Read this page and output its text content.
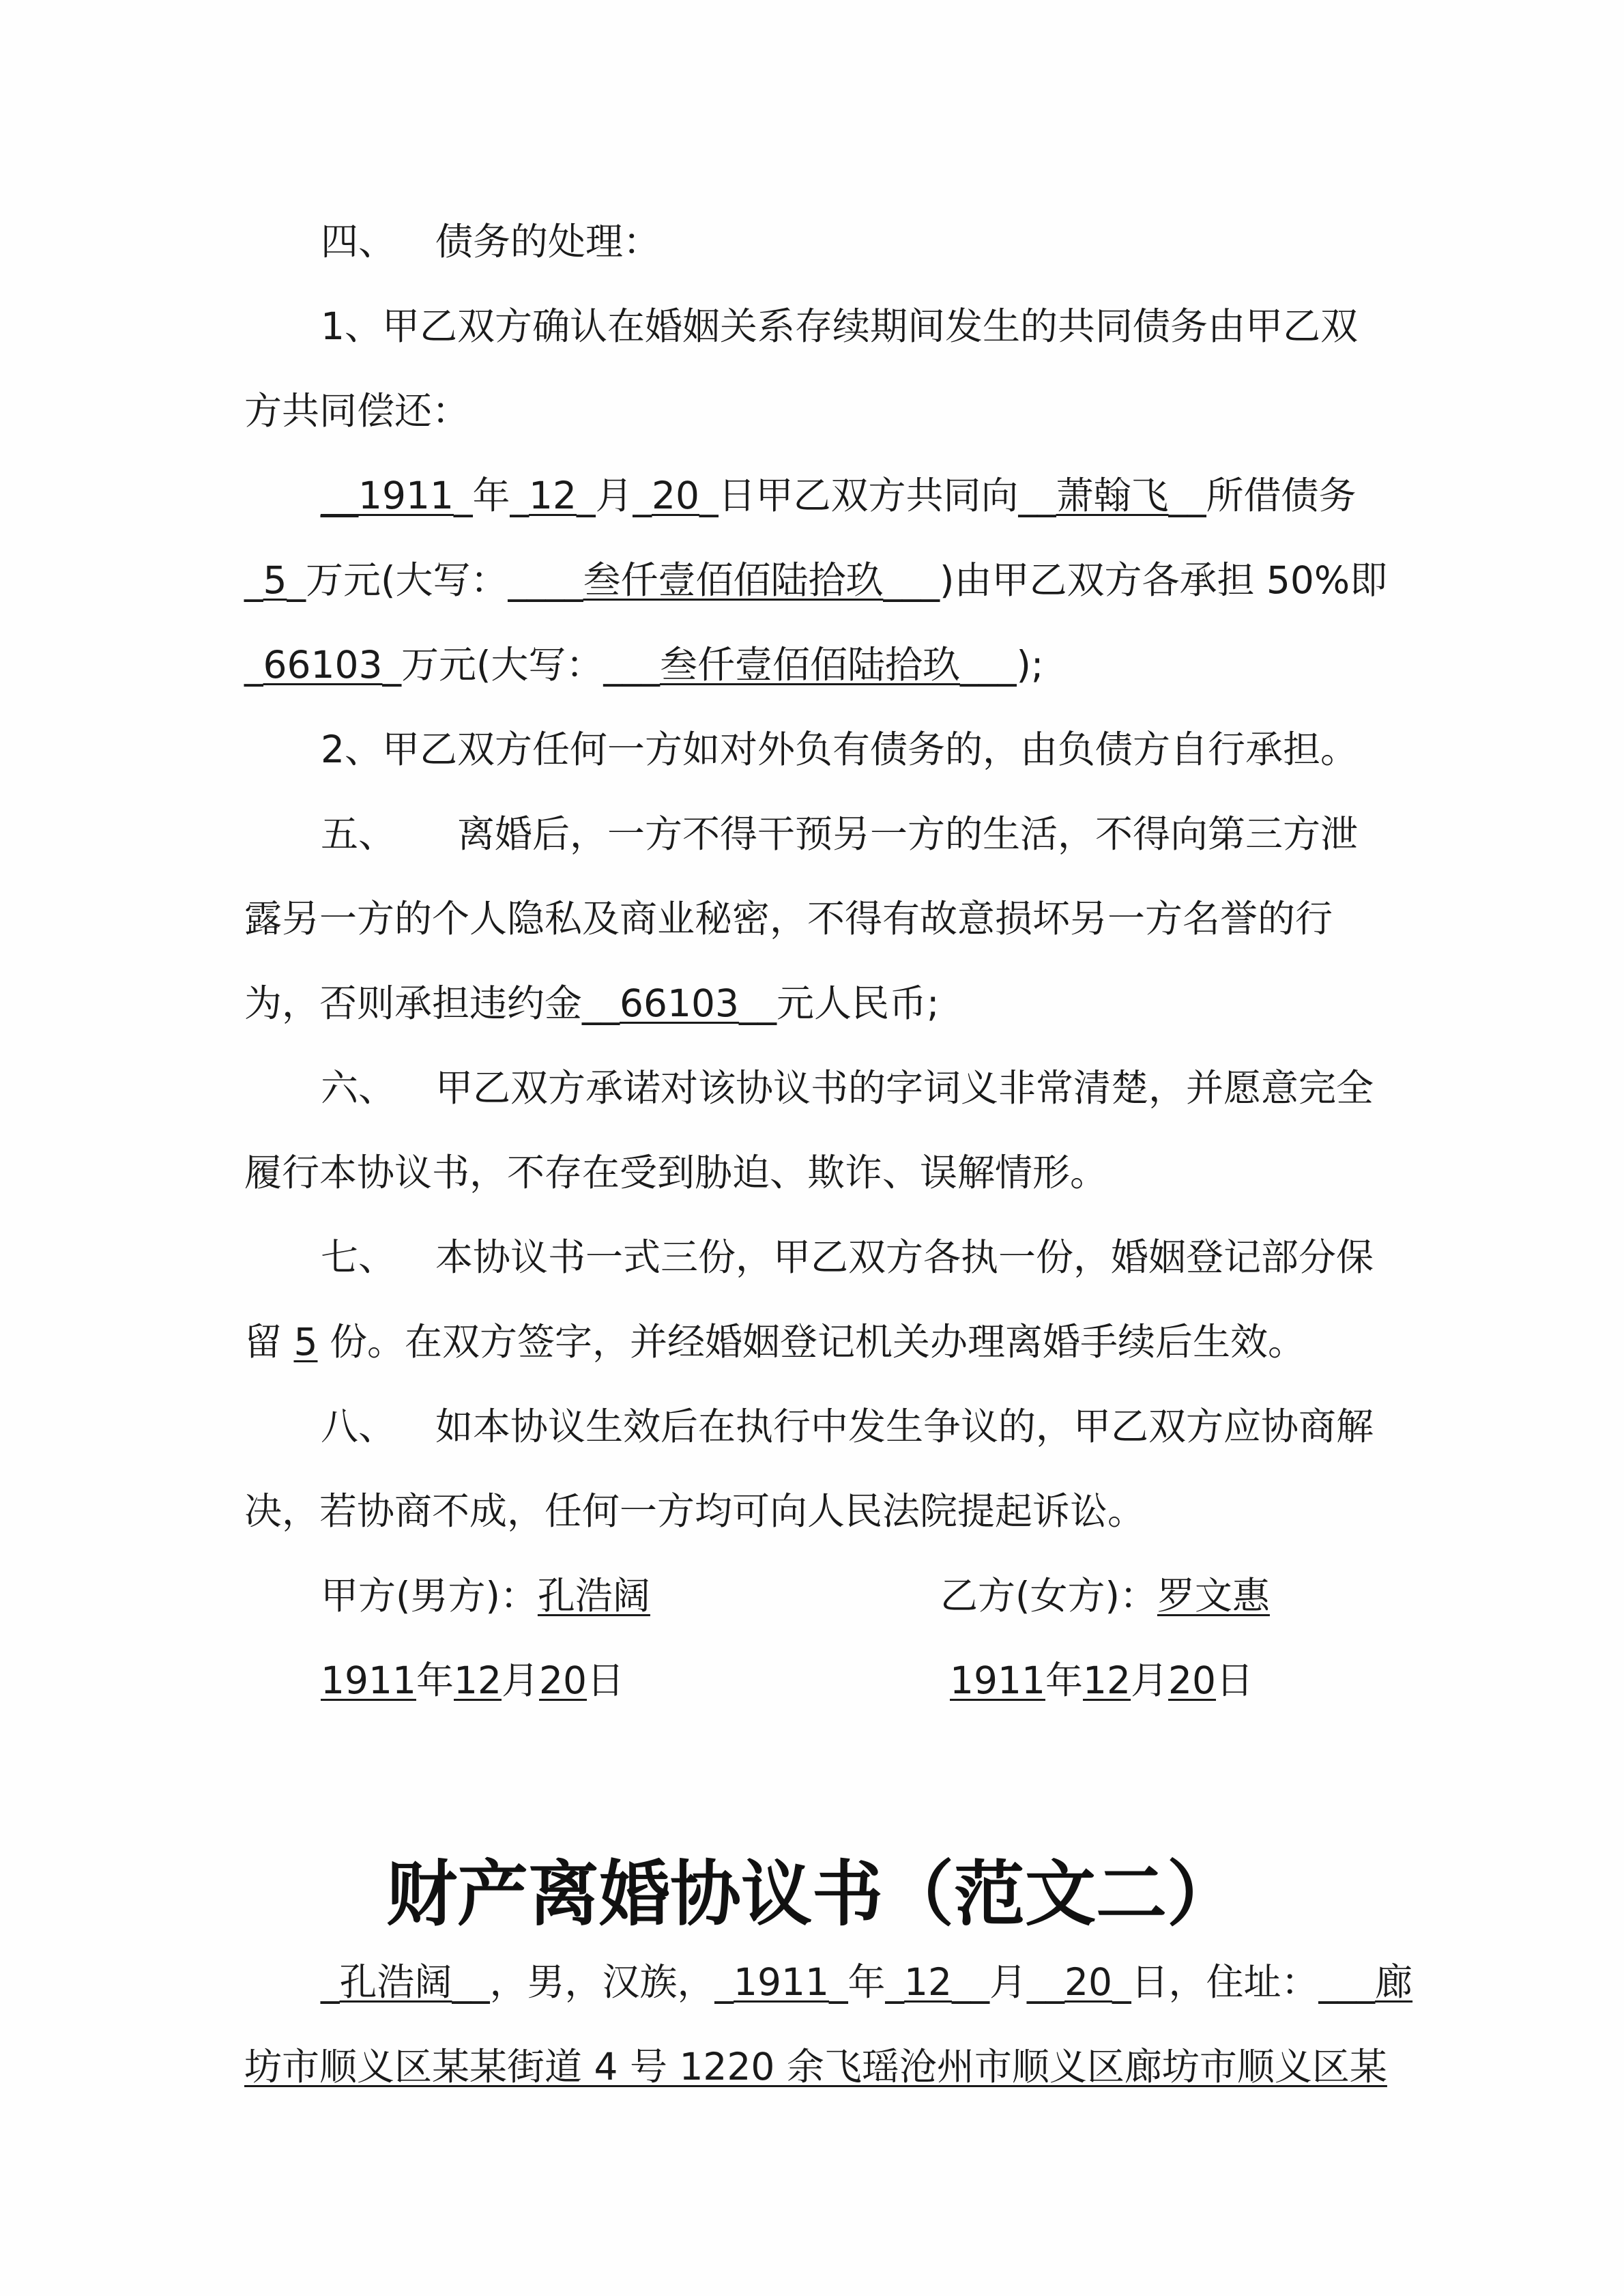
四、 债务的处理：
1、甲乙双方确认在婚姻关系存续期间发生的共同债务由甲乙双
方共同偿还：
__1911_年_12_月_20_日甲乙双方共同向__萧翰飞__所借债务
_5_万元(大写：____叁仟壹佰佰陆拾玖___)由甲乙双方各承担 50%即
_66103_万元(大写：___叁仟壹佰佰陆拾玖___);
2、甲乙双方任何一方如对外负有债务的，由负债方自行承担。
五、 离婚后，一方不得干预另一方的生活，不得向第三方泄
露另一方的个人隐私及商业秘密，不得有故意损坏另一方名誉的行
为，否则承担违约金__66103__元人民币;
六、 甲乙双方承诺对该协议书的字词义非常清楚，并愿意完全
履行本协议书，不存在受到胁迫、欺诈、误解情形。
七、 本协议书一式三份，甲乙双方各执一份，婚姻登记部分保
留 5 份。在双方签字，并经婚姻登记机关办理离婚手续后生效。
八、 如本协议生效后在执行中发生争议的，甲乙双方应协商解
决，若协商不成，任何一方均可向人民法院提起诉讼。
甲方(男方)：孔浩阔	乙方(女方)：罗文惠
1911年12月20日	1911年12月20日
财产离婚协议书（范文二）
_孔浩阔__，男，汉族，_1911_年_12__月__20_日，住址：___廊
坊市顺义区某某街道 4 号 1220 余飞瑶沧州市顺义区廊坊市顺义区某
